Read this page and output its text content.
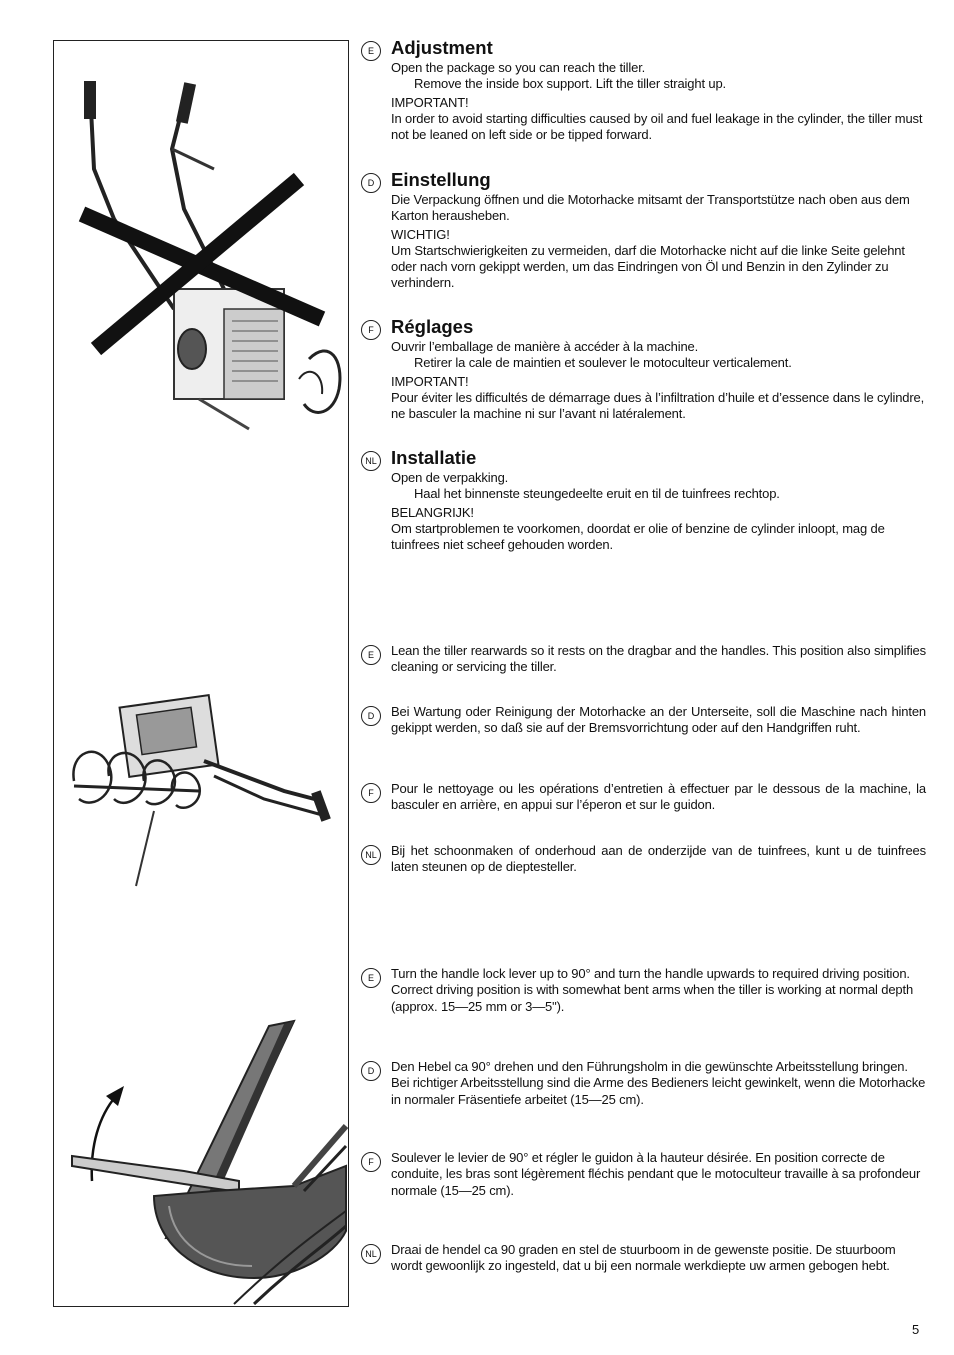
E Adjustment

Open the package so you can reach the tiller.

Remove the inside box support. Lift the tiller straight up.

IMPORTANT!

In order to avoid starting difficulties caused by oil and fuel leakage in the cylinder, the tiller must not be leaned on left side or be tipped forward.

D Einstellung

Die Verpackung öffnen und die Motorhacke mitsamt der Transportstütze nach oben aus dem Karton herausheben.

WICHTIG!

Um Startschwierigkeiten zu vermeiden, darf die Motorhacke nicht auf die linke Seite gelehnt oder nach vorn gekippt werden, um das Eindringen von Öl und Benzin in den Zylinder zu verhindern.

F Réglages

Ouvrir l’emballage de manière à accéder à la machine.

Retirer la cale de maintien et soulever le motoculteur verticalement.

IMPORTANT!

Pour éviter les difficultés de démarrage dues à l’infiltration d’huile et d’essence dans le cylindre, ne basculer la machine ni sur l’avant ni latéralement.

NL Installatie

Open de verpakking.

Haal het binnenste steungedeelte eruit en til de tuinfrees rechtop.

BELANGRIJK!

Om startproblemen te voorkomen, doordat er olie of benzine de cylinder inloopt, mag de tuinfrees niet scheef gehouden worden.

E	Lean the tiller rearwards so it rests on the dragbar and the handles. This position also simplifies cleaning or servicing the tiller.

D	Bei Wartung oder Reinigung der Motorhacke an der Unterseite, soll die Maschine nach hinten gekippt werden, so daß sie auf der Bremsvorrichtung oder auf den Handgriffen ruht.

F	Pour le nettoyage ou les opérations d’entretien à effectuer par le dessous de la machine, la basculer en arrière, en appui sur l’éperon et sur le guidon.

NL	Bij het schoonmaken of onderhoud aan de onderzijde van de tuinfrees, kunt u de tuinfrees laten steunen op de dieptesteller.

E	Turn the handle lock lever up to 90° and turn the handle upwards to required driving position. Correct driving position is with somewhat bent arms when the tiller is working at normal depth (approx. 15—25 mm or 3—5").

D	Den Hebel ca 90° drehen und den Führungsholm in die gewünschte Arbeitsstellung bringen. Bei richtiger Arbeitsstellung sind die Arme des Bedieners leicht gewinkelt, wenn die Motorhacke in normaler Fräsentiefe arbeitet (15—25 cm).

F	Soulever le levier de 90° et régler le guidon à la hauteur désirée. En position correcte de conduite, les bras sont légèrement fléchis pendant que le motoculteur travaille à sa profondeur normale (15—25 cm).

NL	Draai de hendel ca 90 graden en stel de stuurboom in de gewenste positie. De stuurboom wordt gewoonlijk zo ingesteld, dat u bij een normale werkdiepte uw armen gebogen hebt.

5
